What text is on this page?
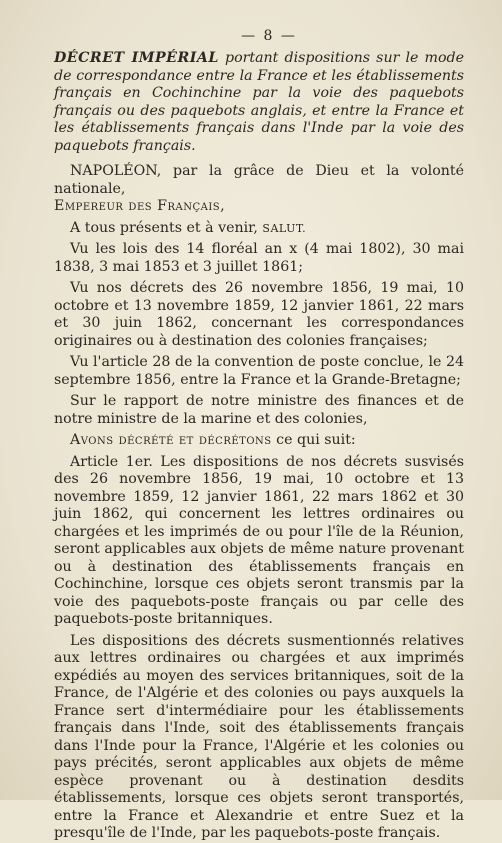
— 8 —
DÉCRET IMPÉRIAL portant dispositions sur le mode de correspondance entre la France et les établissements français en Cochinchine par la voie des paquebots français ou des paquebots anglais, et entre la France et les établissements français dans l'Inde par la voie des paquebots français.

NAPOLÉON, par la grâce de Dieu et la volonté nationale,

Empereur des Français,

A tous présents et à venir, SALUT.

Vu les lois des 14 floréal an x (4 mai 1802), 30 mai 1838, 3 mai 1853 et 3 juillet 1861;

Vu nos décrets des 26 novembre 1856, 19 mai, 10 octobre et 13 novembre 1859, 12 janvier 1861, 22 mars et 30 juin 1862, concernant les correspondances originaires ou à destination des colonies françaises;

Vu l'article 28 de la convention de poste conclue, le 24 septembre 1856, entre la France et la Grande-Bretagne;

Sur le rapport de notre ministre des finances et de notre ministre de la marine et des colonies,

Avons décrété et décrétons ce qui suit:

Article 1er. Les dispositions de nos décrets susvisés des 26 novembre 1856, 19 mai, 10 octobre et 13 novembre 1859, 12 janvier 1861, 22 mars 1862 et 30 juin 1862, qui concernent les lettres ordinaires ou chargées et les imprimés de ou pour l'île de la Réunion, seront applicables aux objets de même nature provenant ou à destination des établissements français en Cochinchine, lorsque ces objets seront transmis par la voie des paquebots-poste français ou par celle des paquebots-poste britanniques.

Les dispositions des décrets susmentionnés relatives aux lettres ordinaires ou chargées et aux imprimés expédiés au moyen des services britanniques, soit de la France, de l'Algérie et des colonies ou pays auxquels la France sert d'intermédiaire pour les établissements français dans l'Inde, soit des établissements français dans l'Inde pour la France, l'Algérie et les colonies ou pays précités, seront applicables aux objets de même espèce provenant ou à destination desdits établissements, lorsque ces objets seront transportés, entre la France et Alexandrie et entre Suez et la presqu'île de l'Inde, par les paquebots-poste français.
